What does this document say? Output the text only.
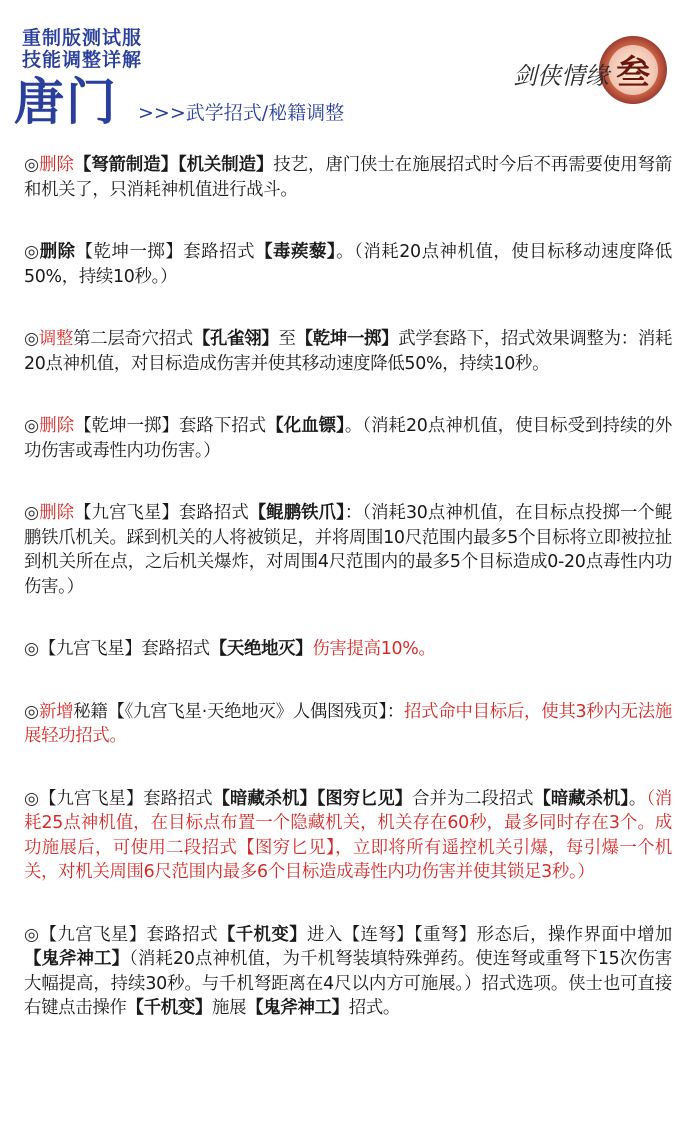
重制版测试服
技能调整详解
唐门 >>>武学招式/秘籍调整
剑侠情缘 叁

◎删除【弩箭制造】【机关制造】技艺，唐门侠士在施展招式时今后不再需要使用弩箭和机关了，只消耗神机值进行战斗。

◎删除【乾坤一掷】套路招式【毒蒺藜】。（消耗20点神机值，使目标移动速度降低50%，持续10秒。）

◎调整第二层奇穴招式【孔雀翎】至【乾坤一掷】武学套路下，招式效果调整为：消耗20点神机值，对目标造成伤害并使其移动速度降低50%，持续10秒。

◎删除【乾坤一掷】套路下招式【化血镖】。（消耗20点神机值，使目标受到持续的外功伤害或毒性内功伤害。）

◎删除【九宫飞星】套路招式【鲲鹏铁爪】：（消耗30点神机值，在目标点投掷一个鲲鹏铁爪机关。踩到机关的人将被锁足，并将周围10尺范围内最多5个目标将立即被拉扯到机关所在点，之后机关爆炸，对周围4尺范围内的最多5个目标造成0-20点毒性内功伤害。）

◎【九宫飞星】套路招式【天绝地灭】伤害提高10%。

◎新增秘籍【《九宫飞星·天绝地灭》人偶图残页】：招式命中目标后，使其3秒内无法施展轻功招式。

◎【九宫飞星】套路招式【暗藏杀机】【图穷匕见】合并为二段招式【暗藏杀机】。（消耗25点神机值，在目标点布置一个隐藏机关，机关存在60秒，最多同时存在3个。成功施展后，可使用二段招式【图穷匕见】，立即将所有遥控机关引爆，每引爆一个机关，对机关周围6尺范围内最多6个目标造成毒性内功伤害并使其锁足3秒。）

◎【九宫飞星】套路招式【千机变】进入【连弩】【重弩】形态后，操作界面中增加【鬼斧神工】（消耗20点神机值，为千机弩装填特殊弹药。使连弩或重弩下15次伤害大幅提高，持续30秒。与千机弩距离在4尺以内方可施展。）招式选项。侠士也可直接右键点击操作【千机变】施展【鬼斧神工】招式。
